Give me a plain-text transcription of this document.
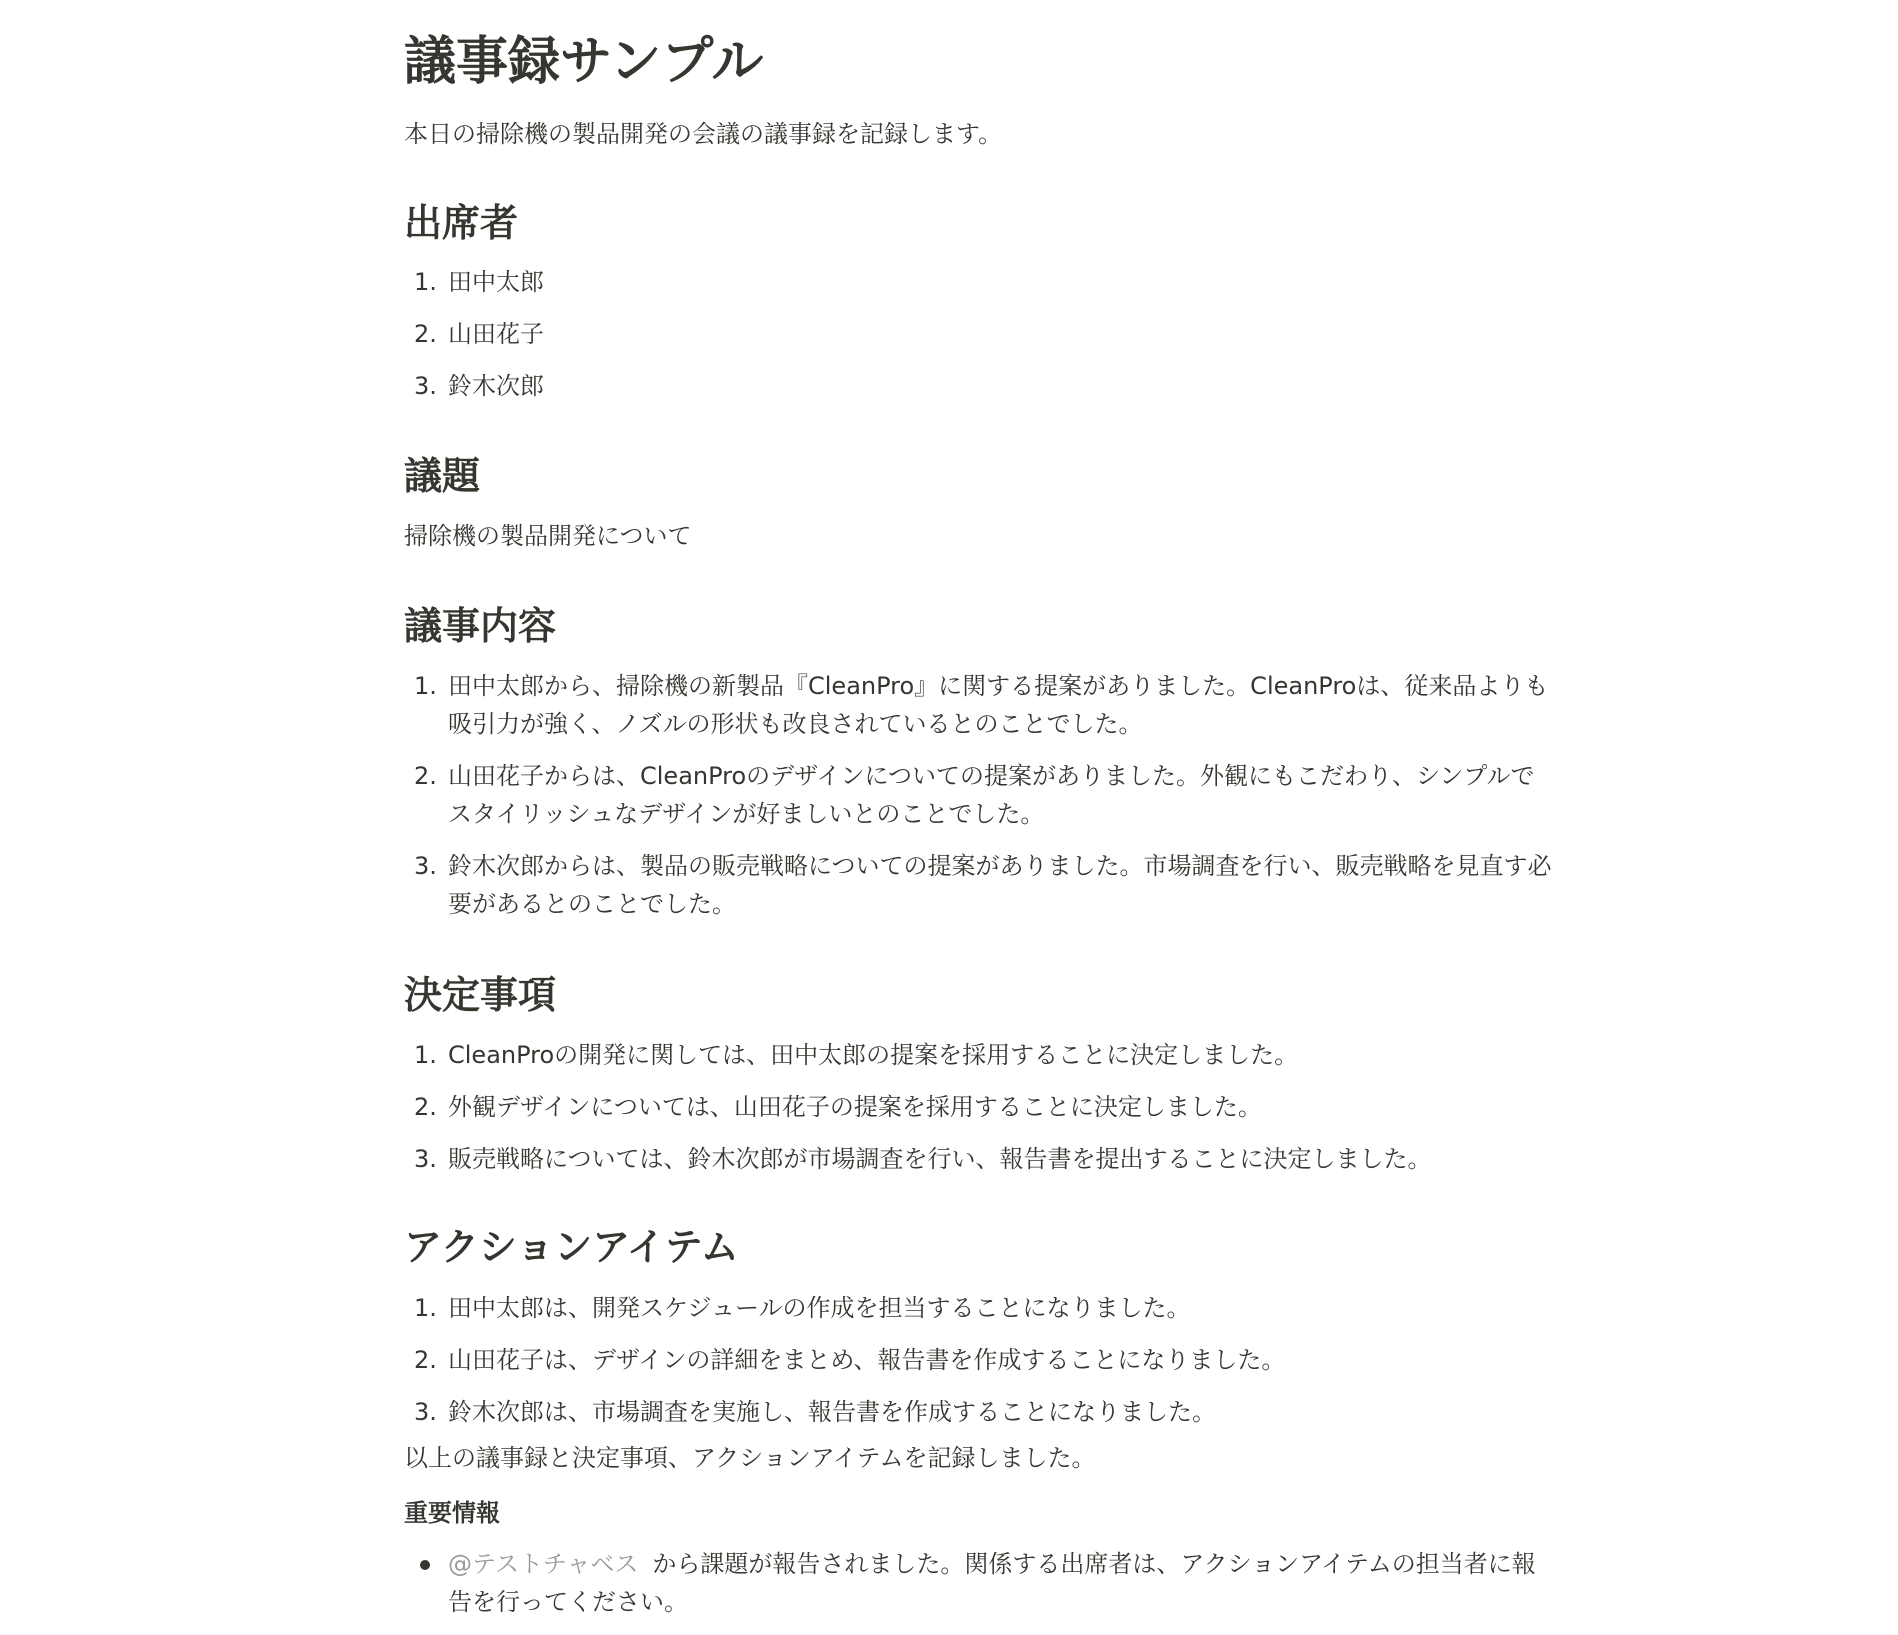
議事録サンプル

本日の掃除機の製品開発の会議の議事録を記録します。

出席者
1. 田中太郎
2. 山田花子
3. 鈴木次郎
議題

掃除機の製品開発について

議事内容
1. 田中太郎から、掃除機の新製品『CleanPro』に関する提案がありました。CleanProは、従来品よりも吸引力が強く、ノズルの形状も改良されているとのことでした。
2. 山田花子からは、CleanProのデザインについての提案がありました。外観にもこだわり、シンプルでスタイリッシュなデザインが好ましいとのことでした。
3. 鈴木次郎からは、製品の販売戦略についての提案がありました。市場調査を行い、販売戦略を見直す必要があるとのことでした。
決定事項
1. CleanProの開発に関しては、田中太郎の提案を採用することに決定しました。
2. 外観デザインについては、山田花子の提案を採用することに決定しました。
3. 販売戦略については、鈴木次郎が市場調査を行い、報告書を提出することに決定しました。
アクションアイテム
1. 田中太郎は、開発スケジュールの作成を担当することになりました。
2. 山田花子は、デザインの詳細をまとめ、報告書を作成することになりました。
3. 鈴木次郎は、市場調査を実施し、報告書を作成することになりました。

以上の議事録と決定事項、アクションアイテムを記録しました。

重要情報

@テストチャベス から課題が報告されました。関係する出席者は、アクションアイテムの担当者に報告を行ってください。
